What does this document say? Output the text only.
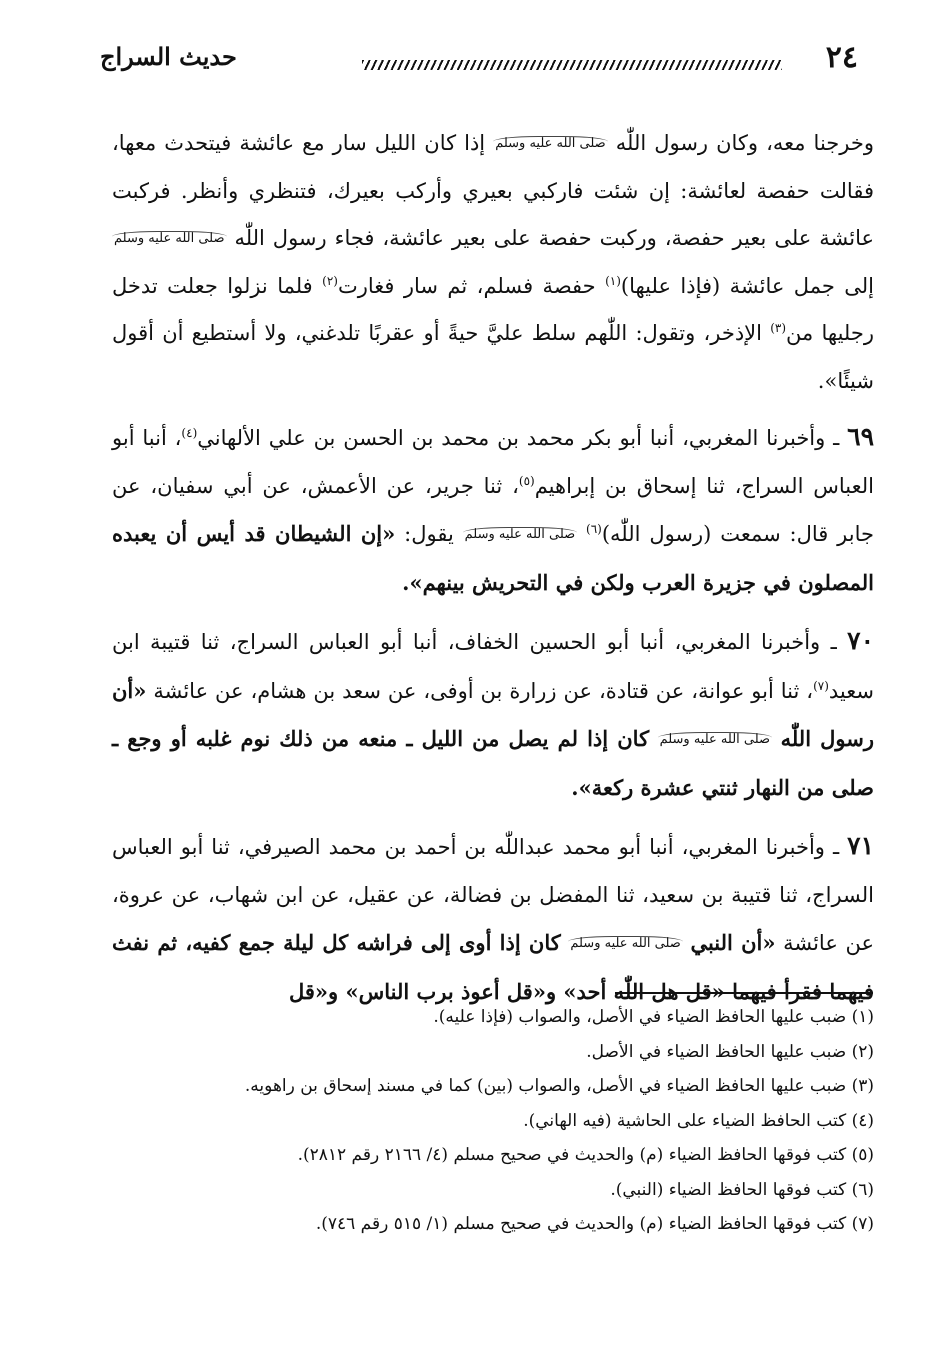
٢٤
حديث السراج

وخرجنا معه، وكان رسول اللّٰه صلى الله عليه وسلم إذا كان الليل سار مع عائشة فيتحدث معها، فقالت حفصة لعائشة: إن شئت فاركبي بعيري وأركب بعيرك، فتنظري وأنظر. فركبت عائشة على بعير حفصة، وركبت حفصة على بعير عائشة، فجاء رسول اللّٰه صلى الله عليه وسلم إلى جمل عائشة (فإذا عليها)$^{(١)}$ حفصة فسلم، ثم سار فغارت$^{(٢)}$ فلما نزلوا جعلت تدخل رجليها من$^{(٣)}$ الإذخر، وتقول: اللّٰهم سلط عليَّ حيةً أو عقربًا تلدغني، ولا أستطيع أن أقول شيئًا».

٦٩ ـ وأخبرنا المغربي، أنبا أبو بكر محمد بن محمد بن الحسن بن علي الألهاني$^{(٤)}$، أنبا أبو العباس السراج، ثنا إسحاق بن إبراهيم$^{(٥)}$، ثنا جرير، عن الأعمش، عن أبي سفيان، عن جابر قال: سمعت (رسول اللّٰه)$^{(٦)}$ صلى الله عليه وسلم يقول: «إن الشيطان قد أيس أن يعبده المصلون في جزيرة العرب ولكن في التحريش بينهم».

٧٠ ـ وأخبرنا المغربي، أنبا أبو الحسين الخفاف، أنبا أبو العباس السراج، ثنا قتيبة ابن سعيد$^{(٧)}$، ثنا أبو عوانة، عن قتادة، عن زرارة بن أوفى، عن سعد بن هشام، عن عائشة «أن رسول اللّٰه صلى الله عليه وسلم كان إذا لم يصل من الليل ـ منعه من ذلك نوم غلبه أو وجع ـ صلى من النهار ثنتي عشرة ركعة».

٧١ ـ وأخبرنا المغربي، أنبا أبو محمد عبداللّٰه بن أحمد بن محمد الصيرفي، ثنا أبو العباس السراج، ثنا قتيبة بن سعيد، ثنا المفضل بن فضالة، عن عقيل، عن ابن شهاب، عن عروة، عن عائشة «أن النبي صلى الله عليه وسلم كان إذا أوى إلى فراشه كل ليلة جمع كفيه، ثم نفث فيهما فقرأ فيهما «قل هل اللّٰه أحد» و«قل أعوذ برب الناس» و«قل

(١) ضبب عليها الحافظ الضياء في الأصل، والصواب (فإذا عليه).

(٢) ضبب عليها الحافظ الضياء في الأصل.

(٣) ضبب عليها الحافظ الضياء في الأصل، والصواب (بين) كما في مسند إسحاق بن راهويه.

(٤) كتب الحافظ الضياء على الحاشية (فيه الهاني).

(٥) كتب فوقها الحافظ الضياء (م) والحديث في صحيح مسلم (٤/ ٢١٦٦ رقم ٢٨١٢).

(٦) كتب فوقها الحافظ الضياء (النبي).

(٧) كتب فوقها الحافظ الضياء (م) والحديث في صحيح مسلم (١/ ٥١٥ رقم ٧٤٦).
